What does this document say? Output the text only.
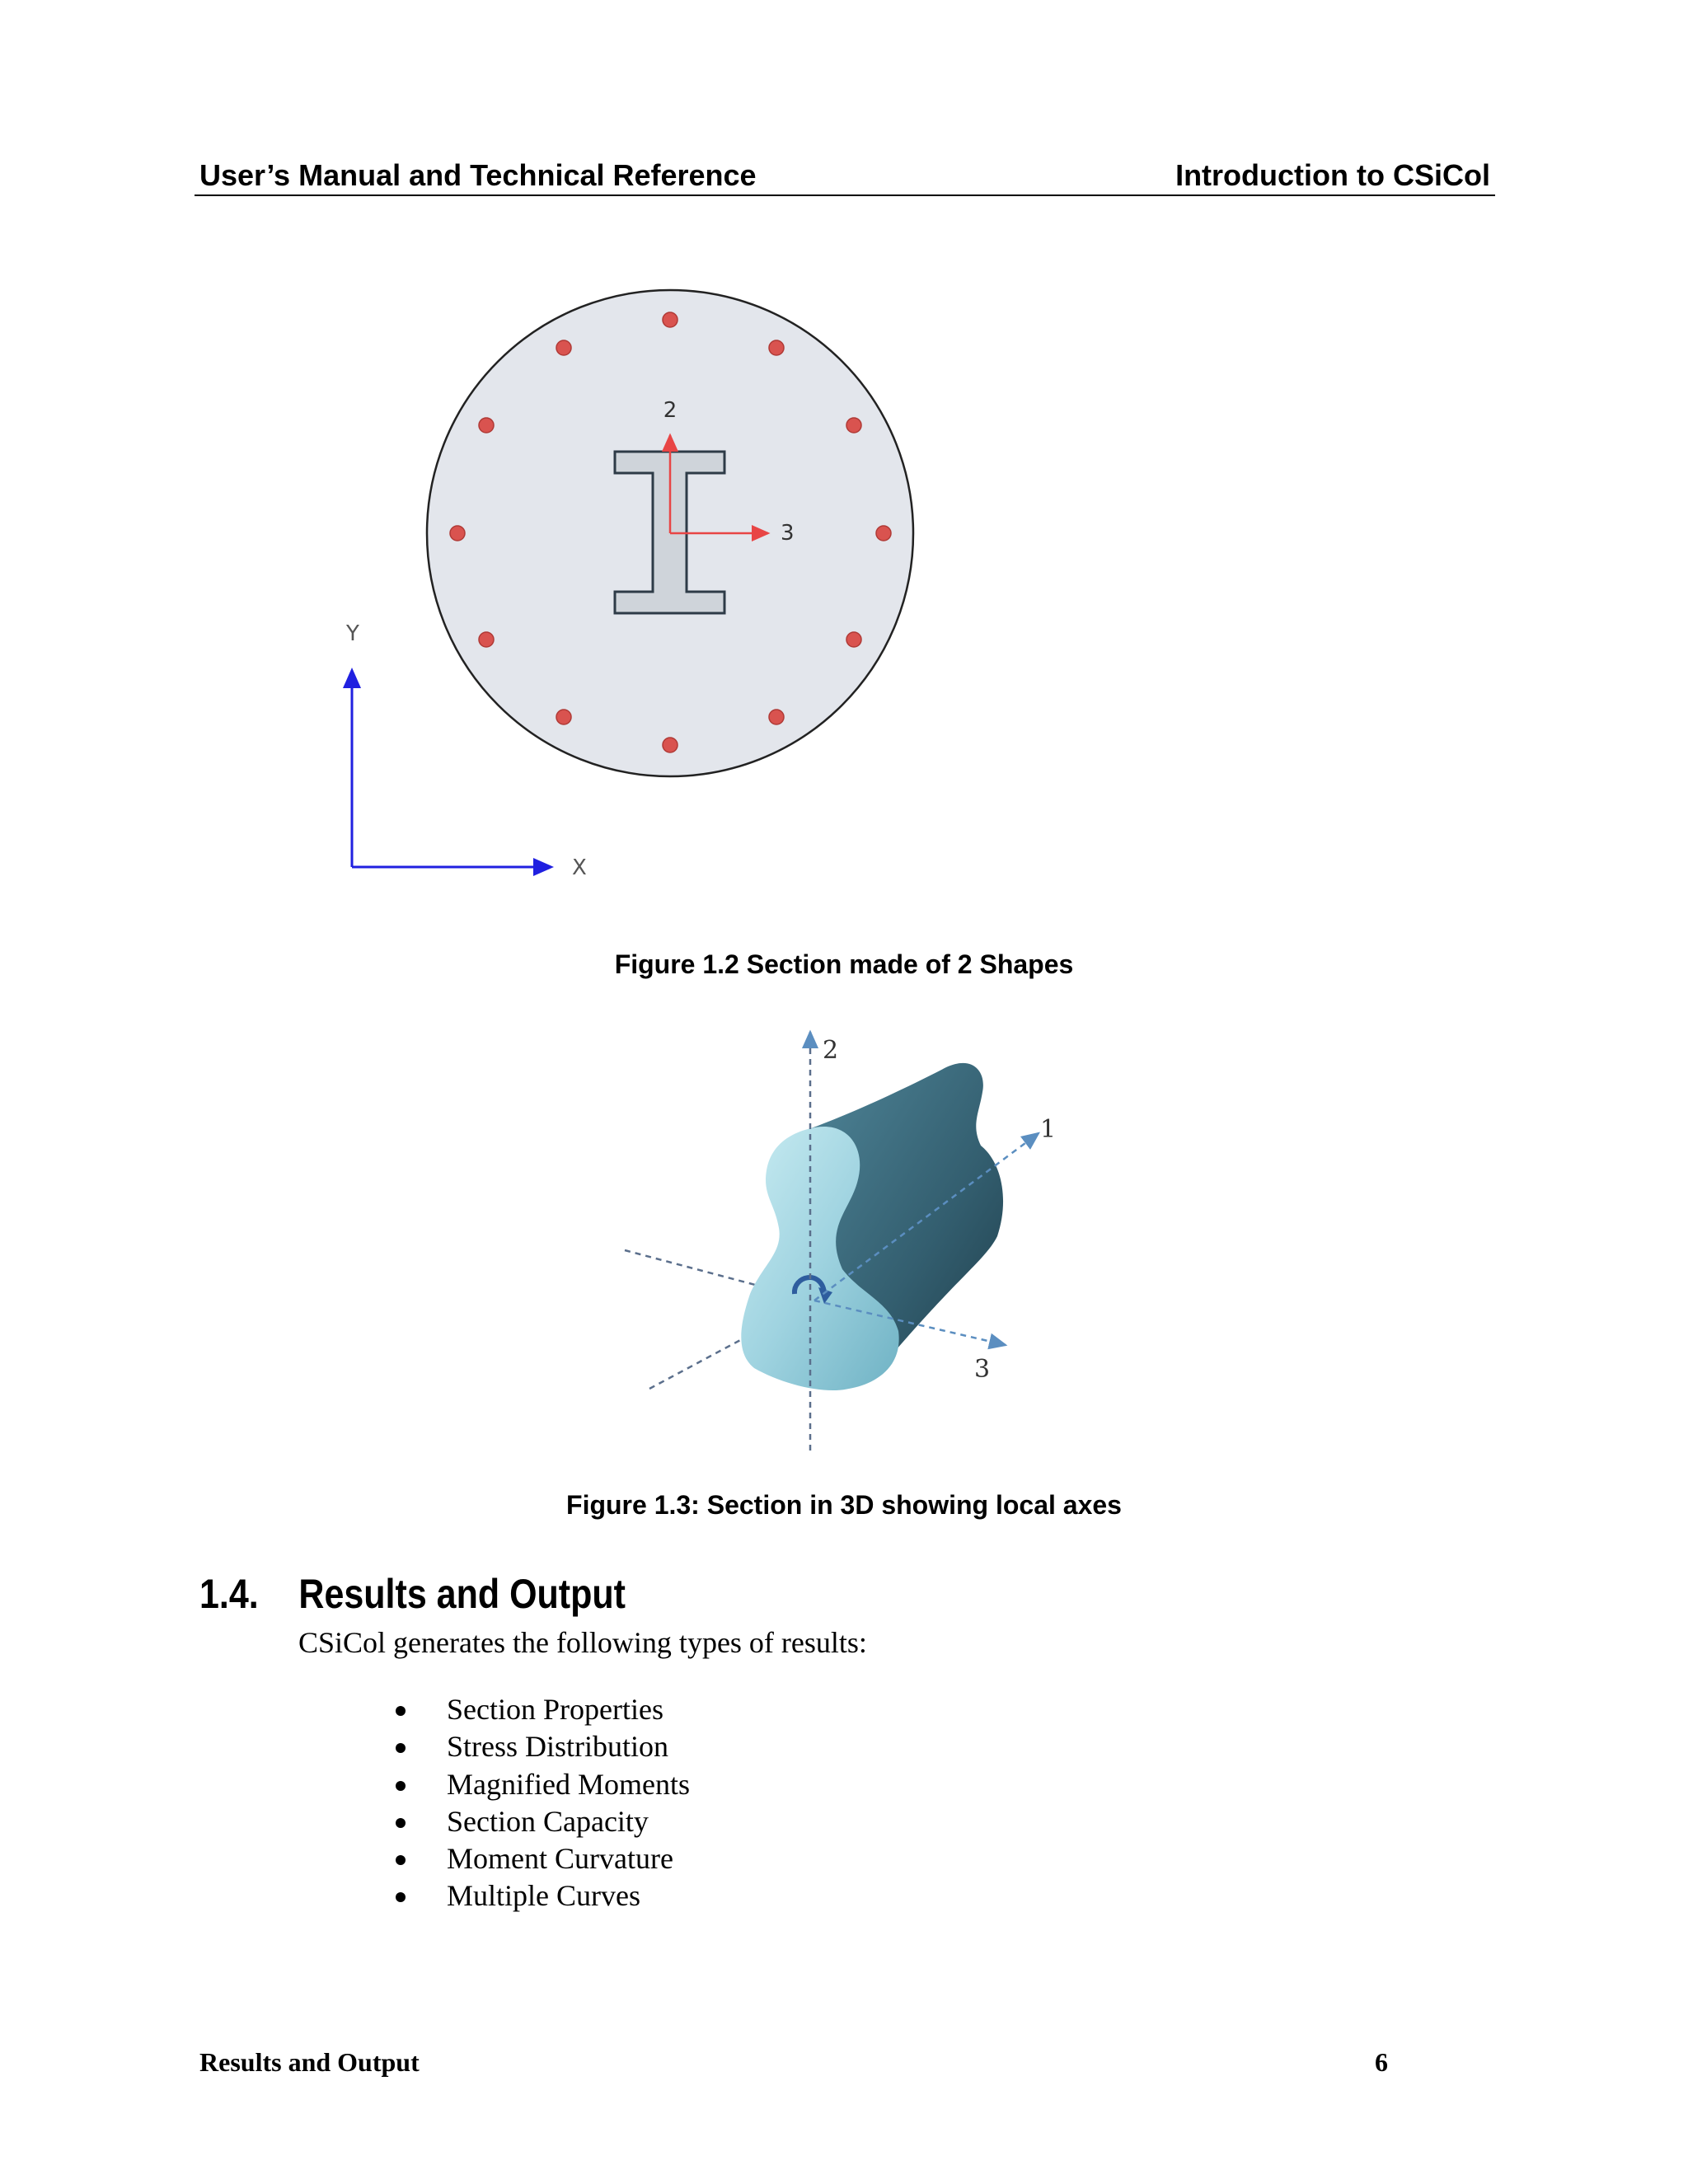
User’s Manual and Technical Reference	Introduction to CSiCol
2
3
Y
X
Figure 1.2 Section made of 2 Shapes
2
1
3
Figure 1.3: Section in 3D showing local axes
1.4. Results and Output
CSiCol generates the following types of results:
Section Properties
Stress Distribution
Magnified Moments
Section Capacity
Moment Curvature
Multiple Curves
Results and Output	6
